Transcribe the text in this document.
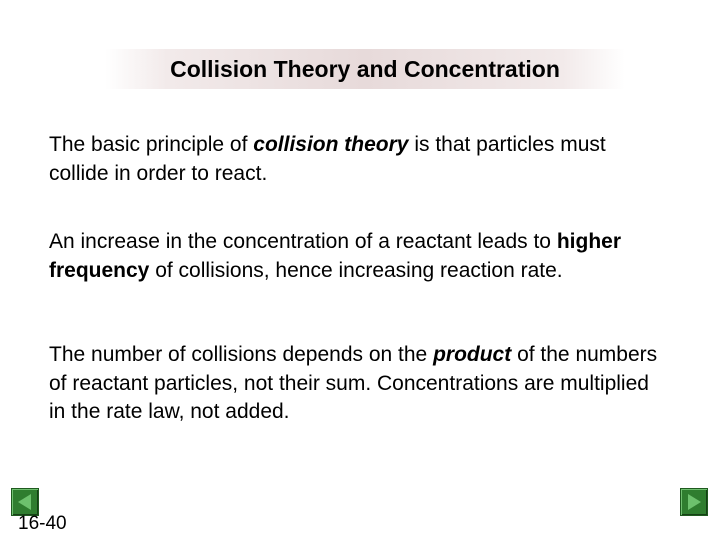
Collision Theory and Concentration

The basic principle of collision theory is that particles must collide in order to react.

An increase in the concentration of a reactant leads to higher frequency of collisions, hence increasing reaction rate.

The number of collisions depends on the product of the numbers of reactant particles, not their sum. Concentrations are multiplied in the rate law, not added.

16-40
